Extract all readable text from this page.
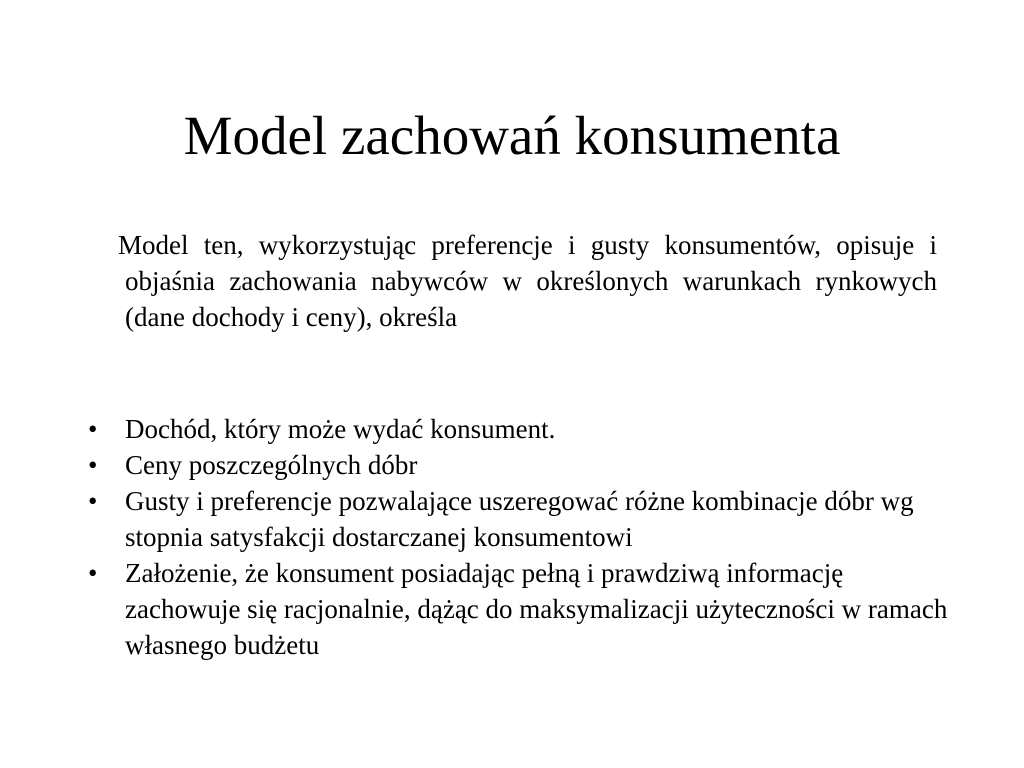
Model zachowań konsumenta

Model ten, wykorzystując preferencje i gusty konsumentów, opisuje i objaśnia zachowania nabywców w określonych warunkach rynkowych (dane dochody i ceny), określa

• Dochód, który może wydać konsument.
• Ceny poszczególnych dóbr
• Gusty i preferencje pozwalające uszeregować różne kombinacje dóbr wg stopnia satysfakcji dostarczanej konsumentowi
• Założenie, że konsument posiadając pełną i prawdziwą informację zachowuje się racjonalnie, dążąc do maksymalizacji użyteczności w ramach własnego budżetu
